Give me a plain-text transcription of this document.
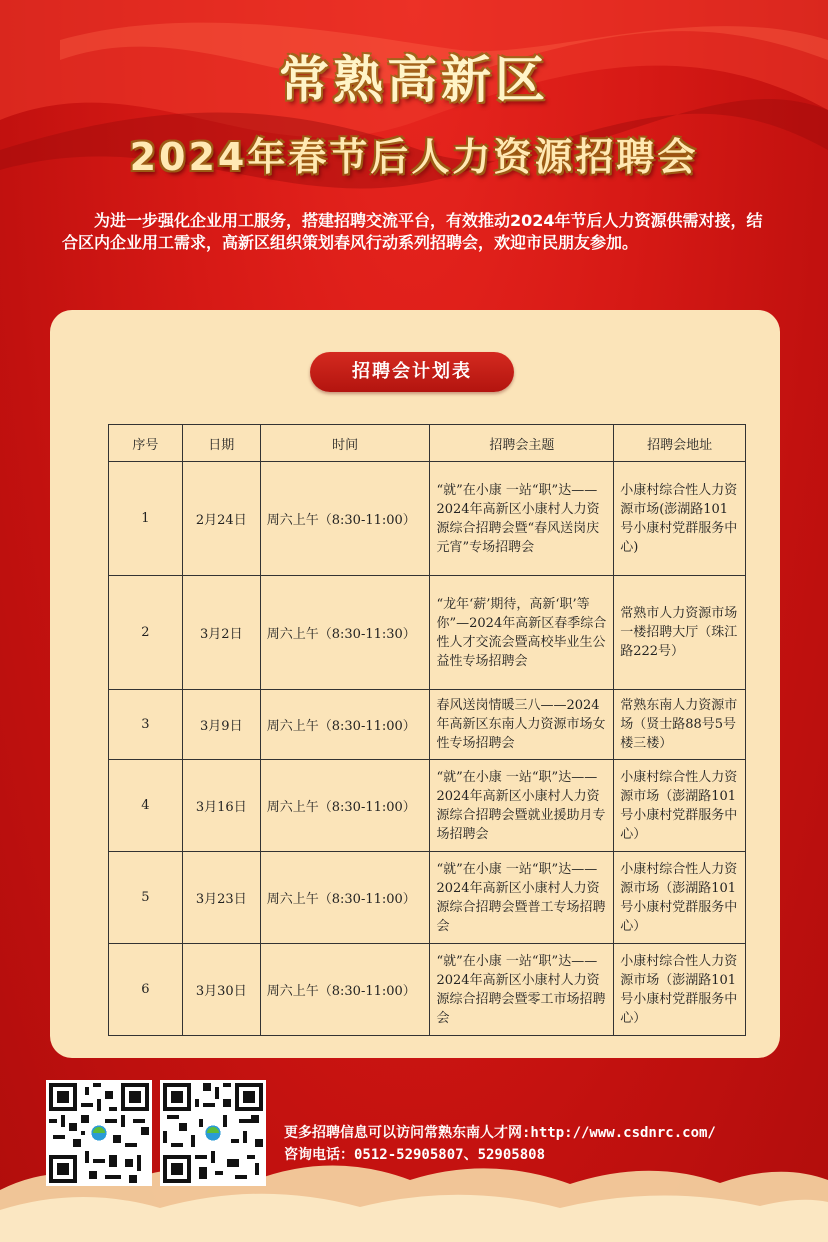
常熟高新区
2024年春节后人力资源招聘会
为进一步强化企业用工服务，搭建招聘交流平台，有效推动2024年节后人力资源供需对接，结合区内企业用工需求，高新区组织策划春风行动系列招聘会，欢迎市民朋友参加。
招聘会计划表
序号	日期	时间	招聘会主题	招聘会地址
1	2月24日	周六上午（8:30-11:00）	“就”在小康 一站“职”达——2024年高新区小康村人力资源综合招聘会暨“春风送岗庆元宵”专场招聘会	小康村综合性人力资源市场(澎湖路101号小康村党群服务中心)
2	3月2日	周六上午（8:30-11:30）	“龙年‘薪’期待，高新‘职’等你”—2024年高新区春季综合性人才交流会暨高校毕业生公益性专场招聘会	常熟市人力资源市场一楼招聘大厅（珠江路222号）
3	3月9日	周六上午（8:30-11:00）	春风送岗情暖三八——2024年高新区东南人力资源市场女性专场招聘会	常熟东南人力资源市场（贤士路88号5号楼三楼）
4	3月16日	周六上午（8:30-11:00）	“就”在小康 一站“职”达——2024年高新区小康村人力资源综合招聘会暨就业援助月专场招聘会	小康村综合性人力资源市场（澎湖路101号小康村党群服务中心）
5	3月23日	周六上午（8:30-11:00）	“就”在小康 一站“职”达——2024年高新区小康村人力资源综合招聘会暨普工专场招聘会	小康村综合性人力资源市场（澎湖路101号小康村党群服务中心）
6	3月30日	周六上午（8:30-11:00）	“就”在小康 一站“职”达——2024年高新区小康村人力资源综合招聘会暨零工市场招聘会	小康村综合性人力资源市场（澎湖路101号小康村党群服务中心）
更多招聘信息可以访问常熟东南人才网:http://www.csdnrc.com/
咨询电话：0512-52905807、52905808
